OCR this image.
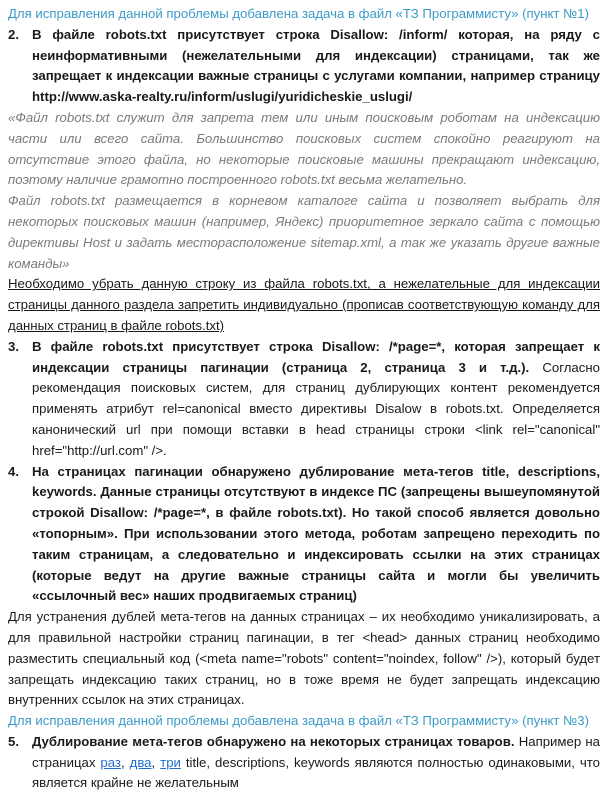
Для исправления данной проблемы добавлена задача в файл «ТЗ Программисту» (пункт №1)
2. В файле robots.txt присутствует строка Disallow: /inform/ которая, на ряду с неинформативными (нежелательными для индексации) страницами, так же запрещает к индексации важные страницы с услугами компании, например страницу http://www.aska-realty.ru/inform/uslugi/yuridicheskie_uslugi/
«Файл robots.txt служит для запрета тем или иным поисковым роботам на индексацию части или всего сайта. Большинство поисковых систем спокойно реагируют на отсутствие этого файла, но некоторые поисковые машины прекращают индексацию, поэтому наличие грамотно построенного robots.txt весьма желательно.
Файл robots.txt размещается в корневом каталоге сайта и позволяет выбрать для некоторых поисковых машин (например, Яндекс) приоритетное зеркало сайта с помощью директивы Host и задать месторасположение sitemap.xml, а так же указать другие важные команды»
Необходимо убрать данную строку из файла robots.txt, а нежелательные для индексации страницы данного раздела запретить индивидуально (прописав соответствующую команду для данных страниц в файле robots.txt)
3. В файле robots.txt присутствует строка Disallow: /*page=*, которая запрещает к индексации страницы пагинации (страница 2, страница 3 и т.д.). Согласно рекомендация поисковых систем, для страниц дублирующих контент рекомендуется применять атрибут rel=canonical вместо директивы Disalow в robots.txt. Определяется канонический url при помощи вставки в head страницы строки <link rel="canonical" href="http://url.com" />.
4. На страницах пагинации обнаружено дублирование мета-тегов title, descriptions, keywords. Данные страницы отсутствуют в индексе ПС (запрещены вышеупомянутой строкой Disallow: /*page=*, в файле robots.txt). Но такой способ является довольно «топорным». При использовании этого метода, роботам запрещено переходить по таким страницам, а следовательно и индексировать ссылки на этих страницах (которые ведут на другие важные страницы сайта и могли бы увеличить «ссылочный вес» наших продвигаемых страниц)
Для устранения дублей мета-тегов на данных страницах – их необходимо уникализировать, а для правильной настройки страниц пагинации, в тег <head> данных страниц необходимо разместить специальный код (<meta name="robots" content="noindex, follow" />), который будет запрещать индексацию таких страниц, но в тоже время не будет запрещать индексацию внутренних ссылок на этих страницах.
Для исправления данной проблемы добавлена задача в файл «ТЗ Программисту» (пункт №3)
5. Дублирование мета-тегов обнаружено на некоторых страницах товаров. Например на страницах раз, два, три title, descriptions, keywords являются полностью одинаковыми, что является крайне не желательным
